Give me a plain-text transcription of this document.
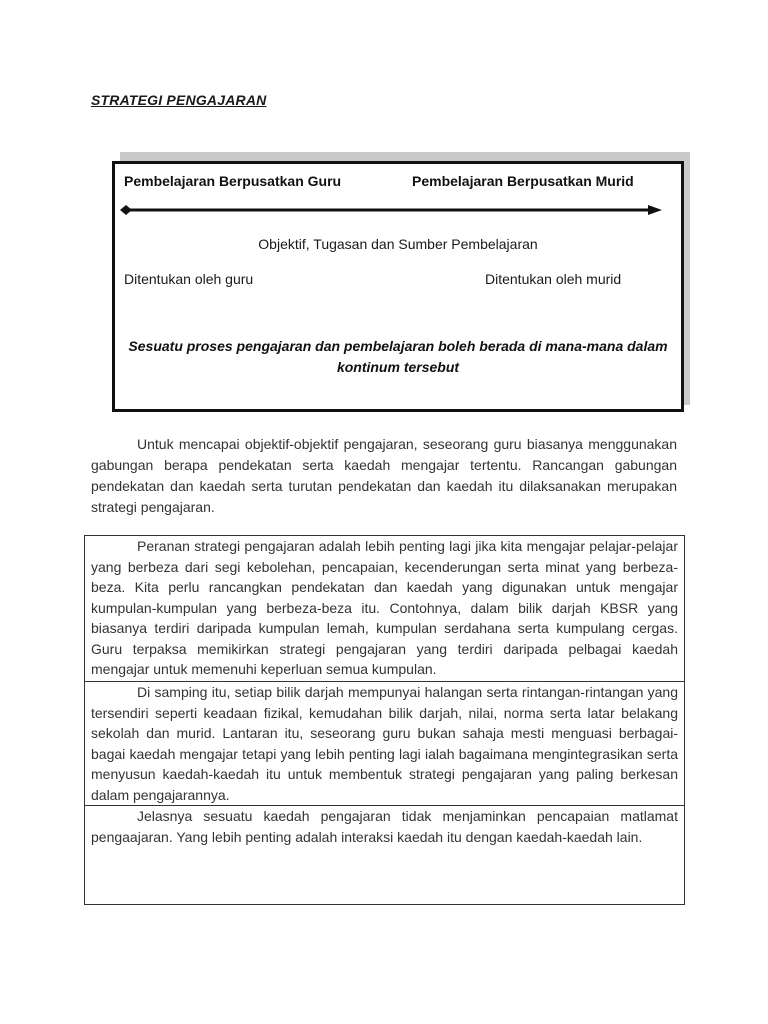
STRATEGI PENGAJARAN
Pembelajaran Berpusatkan Guru	Pembelajaran Berpusatkan Murid
Objektif, Tugasan dan Sumber Pembelajaran
Ditentukan oleh guru	Ditentukan oleh murid
Sesuatu proses pengajaran dan pembelajaran boleh berada di mana-mana dalam kontinum tersebut

Untuk mencapai objektif-objektif pengajaran, seseorang guru biasanya menggunakan gabungan berapa pendekatan serta kaedah mengajar tertentu. Rancangan gabungan pendekatan dan kaedah serta turutan pendekatan dan kaedah itu dilaksanakan merupakan strategi pengajaran.

Peranan strategi pengajaran adalah lebih penting lagi jika kita mengajar pelajar-pelajar yang berbeza dari segi kebolehan, pencapaian, kecenderungan serta minat yang berbeza-beza. Kita perlu rancangkan pendekatan dan kaedah yang digunakan untuk mengajar kumpulan-kumpulan yang berbeza-beza itu. Contohnya, dalam bilik darjah KBSR yang biasanya terdiri daripada kumpulan lemah, kumpulan serdahana serta kumpulang cergas. Guru terpaksa memikirkan strategi pengajaran yang terdiri daripada pelbagai kaedah mengajar untuk memenuhi keperluan semua kumpulan.

Di samping itu, setiap bilik darjah mempunyai halangan serta rintangan-rintangan yang tersendiri seperti keadaan fizikal, kemudahan bilik darjah, nilai, norma serta latar belakang sekolah dan murid. Lantaran itu, seseorang guru bukan sahaja mesti menguasi berbagai-bagai kaedah mengajar tetapi yang lebih penting lagi ialah bagaimana mengintegrasikan serta menyusun kaedah-kaedah itu untuk membentuk strategi pengajaran yang paling berkesan dalam pengajarannya.

Jelasnya sesuatu kaedah pengajaran tidak menjaminkan pencapaian matlamat pengaajaran. Yang lebih penting adalah interaksi kaedah itu dengan kaedah-kaedah lain.
